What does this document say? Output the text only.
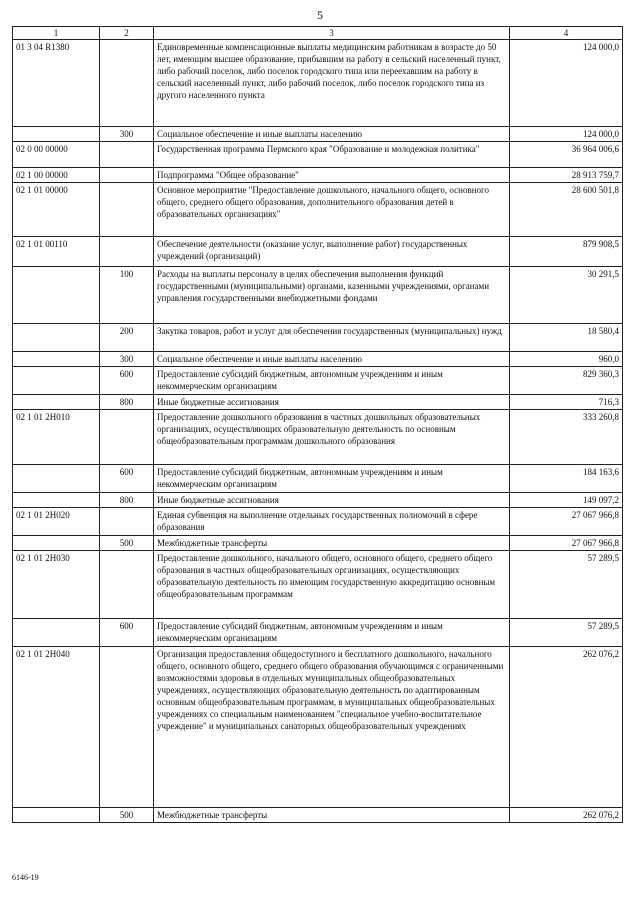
5
1	2	3	4
01 3 04 R1380		Единовременные компенсационные выплаты медицинским работникам в возрасте до 50 лет, имеющим высшее образование, прибывшим на работу в сельский населенный пункт, либо рабочий поселок, либо поселок городского типа или переехавшим на работу в сельский населенный пункт, либо рабочий поселок, либо поселок городского типа из другого населенного пункта	124 000,0
	300	Социальное обеспечение и иные выплаты населению	124 000,0
02 0 00 00000		Государственная программа Пермского края "Образование и молодежная политика"	36 964 006,6
02 1 00 00000		Подпрограмма "Общее образование"	28 913 759,7
02 1 01 00000		Основное мероприятие "Предоставление дошкольного, начального общего, основного общего, среднего общего образования, дополнительного образования детей в образовательных организациях"	28 600 501,8
02 1 01 00110		Обеспечение деятельности (оказание услуг, выполнение работ) государственных учреждений (организаций)	879 908,5
	100	Расходы на выплаты персоналу в целях обеспечения выполнения функций государственными (муниципальными) органами, казенными учреждениями, органами управления государственными внебюджетными фондами	30 291,5
	200	Закупка товаров, работ и услуг для обеспечения государственных (муниципальных) нужд	18 580,4
	300	Социальное обеспечение и иные выплаты населению	960,0
	600	Предоставление субсидий бюджетным, автономным учреждениям и иным некоммерческим организациям	829 360,3
	800	Иные бюджетные ассигнования	716,3
02 1 01 2Н010		Предоставление дошкольного образования в частных дошкольных образовательных организациях, осуществляющих образовательную деятельность по основным общеобразовательным программам дошкольного образования	333 260,8
	600	Предоставление субсидий бюджетным, автономным учреждениям и иным некоммерческим организациям	184 163,6
	800	Иные бюджетные ассигнования	149 097,2
02 1 01 2Н020		Единая субвенция на выполнение отдельных государственных полномочий в сфере образования	27 067 966,8
	500	Межбюджетные трансферты	27 067 966,8
02 1 01 2Н030		Предоставление дошкольного, начального общего, основного общего, среднего общего образования в частных общеобразовательных организациях, осуществляющих образовательную деятельность по имеющим государственную аккредитацию основным общеобразовательным программам	57 289,5
	600	Предоставление субсидий бюджетным, автономным учреждениям и иным некоммерческим организациям	57 289,5
02 1 01 2Н040		Организация предоставления общедоступного и бесплатного дошкольного, начального общего, основного общего, среднего общего образования обучающимся с ограниченными возможностями здоровья в отдельных муниципальных общеобразовательных учреждениях, осуществляющих образовательную деятельность по адаптированным основным общеобразовательным программам, в муниципальных общеобразовательных учреждениях со специальным наименованием "специальное учебно-воспитательное учреждение" и муниципальных санаторных общеобразовательных учреждениях	262 076,2
	500	Межбюджетные трансферты	262 076,2
6146-19
